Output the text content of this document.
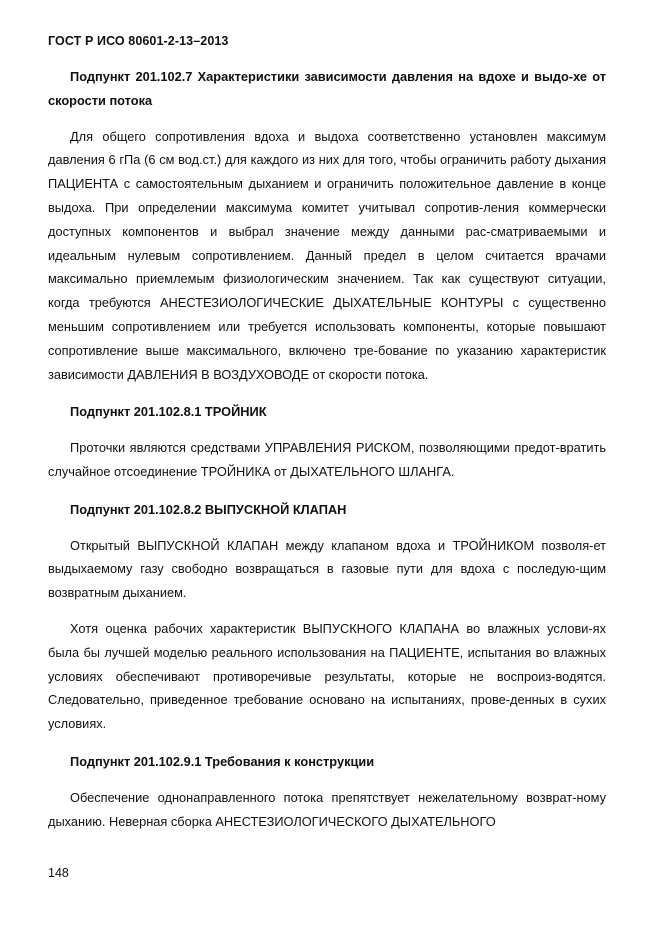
ГОСТ Р ИСО 80601-2-13–2013

Подпункт 201.102.7 Характеристики зависимости давления на вдохе и выдо-хе от скорости потока

Для общего сопротивления вдоха и выдоха соответственно установлен максимум давления 6 гПа (6 см вод.ст.) для каждого из них для того, чтобы ограничить работу дыхания ПАЦИЕНТА с самостоятельным дыханием и ограничить положительное давление в конце выдоха. При определении максимума комитет учитывал сопротив-ления коммерчески доступных компонентов и выбрал значение между данными рас-сматриваемыми и идеальным нулевым сопротивлением. Данный предел в целом считается врачами максимально приемлемым физиологическим значением. Так как существуют ситуации, когда требуются АНЕСТЕЗИОЛОГИЧЕСКИЕ ДЫХАТЕЛЬНЫЕ КОНТУРЫ с существенно меньшим сопротивлением или требуется использовать компоненты, которые повышают сопротивление выше максимального, включено тре-бование по указанию характеристик зависимости ДАВЛЕНИЯ В ВОЗДУХОВОДЕ от скорости потока.

Подпункт 201.102.8.1 ТРОЙНИК

Проточки являются средствами УПРАВЛЕНИЯ РИСКОМ, позволяющими предот-вратить случайное отсоединение ТРОЙНИКА от ДЫХАТЕЛЬНОГО ШЛАНГА.

Подпункт 201.102.8.2 ВЫПУСКНОЙ КЛАПАН

Открытый ВЫПУСКНОЙ КЛАПАН между клапаном вдоха и ТРОЙНИКОМ позволя-ет выдыхаемому газу свободно возвращаться в газовые пути для вдоха с последую-щим возвратным дыханием.

Хотя оценка рабочих характеристик ВЫПУСКНОГО КЛАПАНА во влажных услови-ях была бы лучшей моделью реального использования на ПАЦИЕНТЕ, испытания во влажных условиях обеспечивают противоречивые результаты, которые не воспроиз-водятся. Следовательно, приведенное требование основано на испытаниях, прове-денных в сухих условиях.

Подпункт 201.102.9.1 Требования к конструкции

Обеспечение однонаправленного потока препятствует нежелательному возврат-ному дыханию. Неверная сборка АНЕСТЕЗИОЛОГИЧЕСКОГО ДЫХАТЕЛЬНОГО

148
